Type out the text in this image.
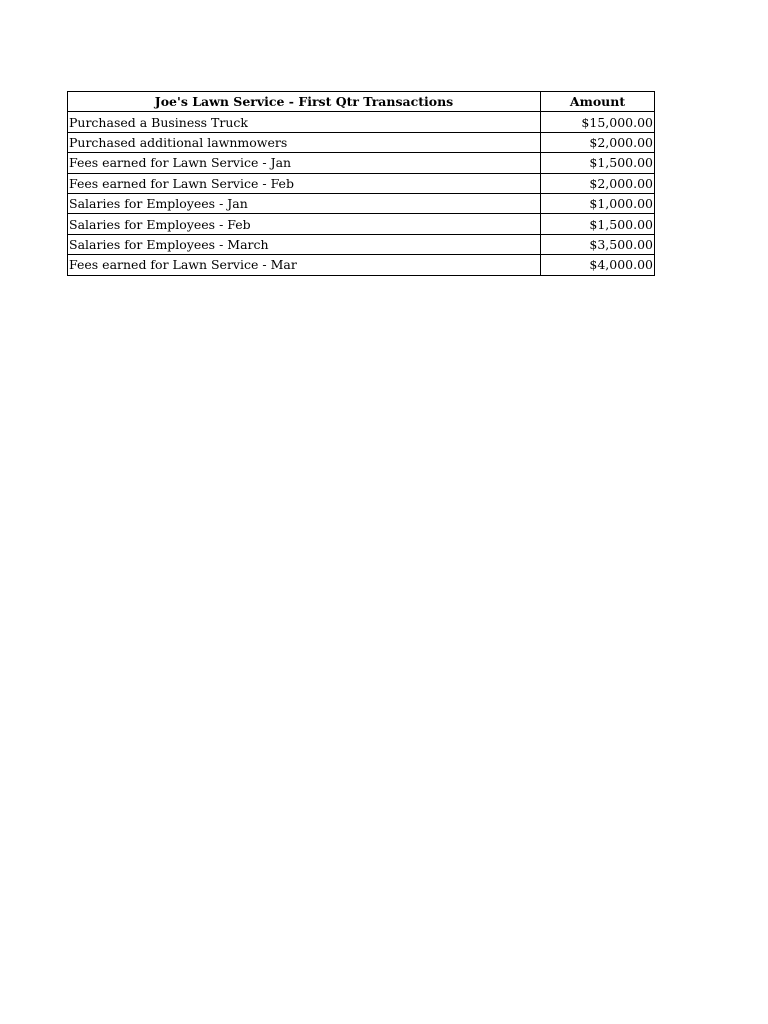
Joe's Lawn Service - First Qtr Transactions	Amount
Purchased a Business Truck	$15,000.00
Purchased additional lawnmowers	$2,000.00
Fees earned for Lawn Service - Jan	$1,500.00
Fees earned for Lawn Service - Feb	$2,000.00
Salaries for Employees - Jan	$1,000.00
Salaries for Employees - Feb	$1,500.00
Salaries for Employees - March	$3,500.00
Fees earned for Lawn Service - Mar	$4,000.00
